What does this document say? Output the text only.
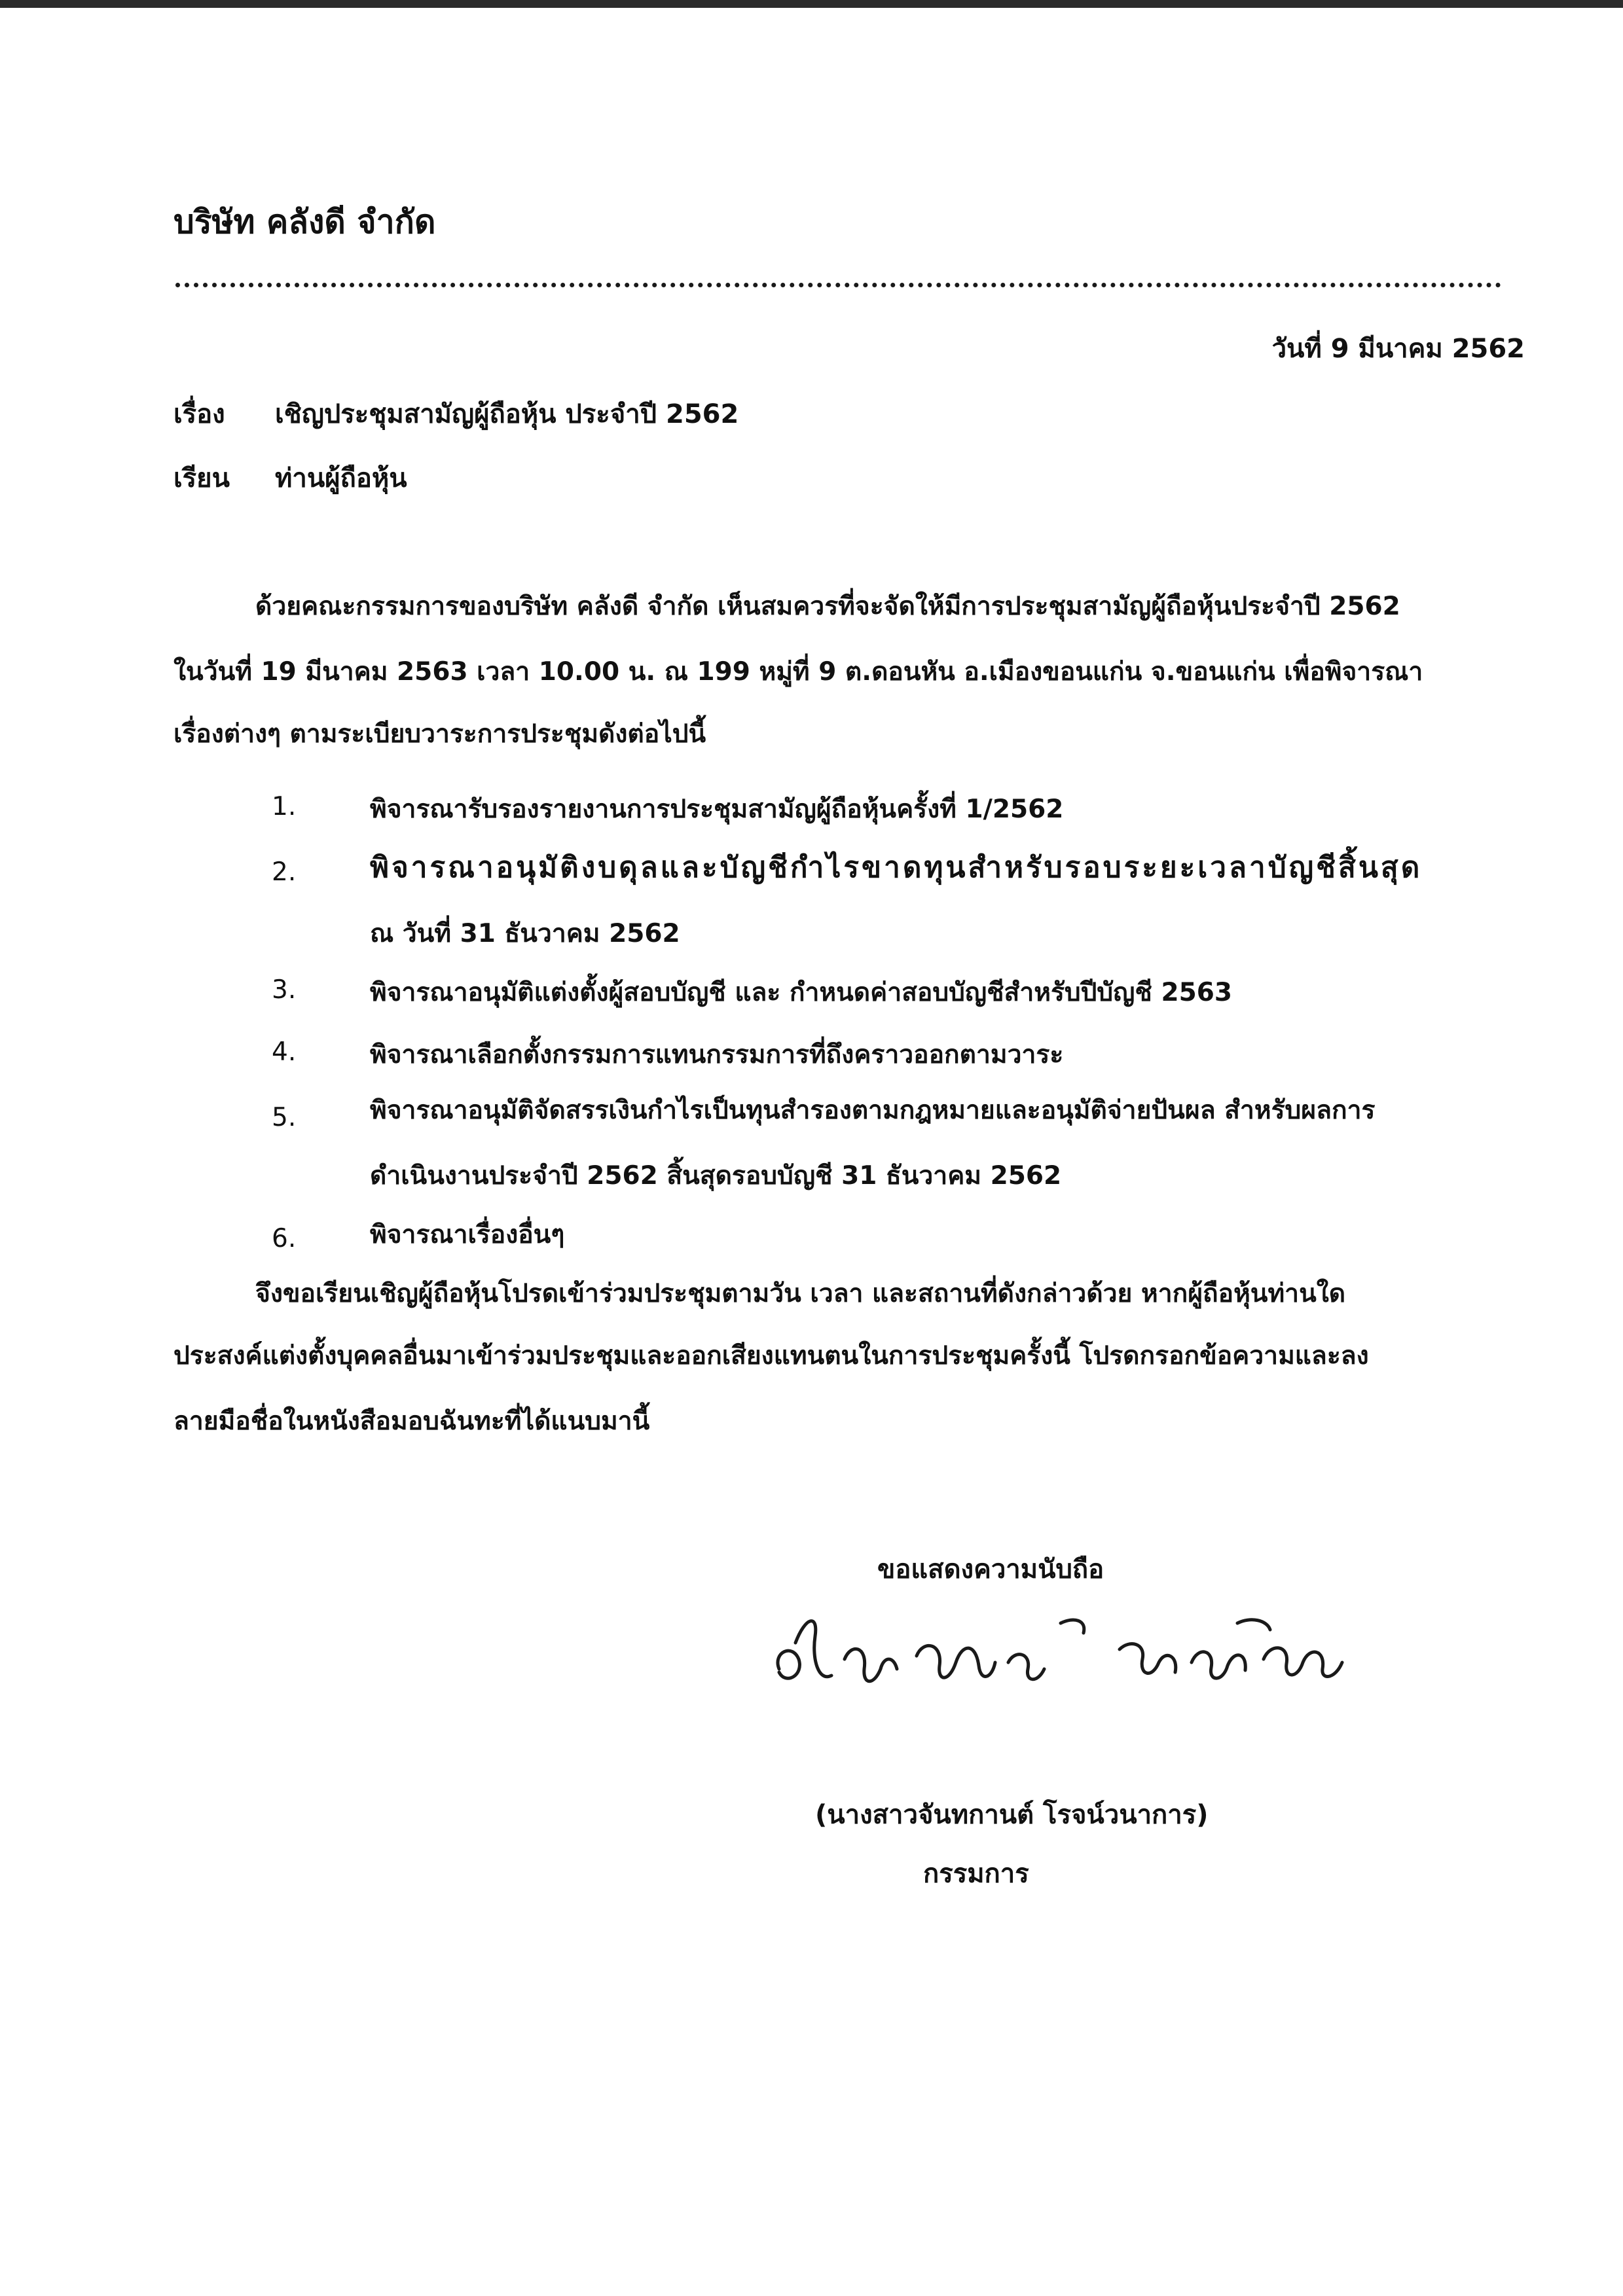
บริษัท คลังดี จำกัด
วันที่ 9 มีนาคม 2562
เรื่อง เชิญประชุมสามัญผู้ถือหุ้น ประจำปี 2562
เรียน ท่านผู้ถือหุ้น
ด้วยคณะกรรมการของบริษัท คลังดี จำกัด เห็นสมควรที่จะจัดให้มีการประชุมสามัญผู้ถือหุ้นประจำปี 2562
ในวันที่ 19 มีนาคม 2563 เวลา 10.00 น. ณ 199 หมู่ที่ 9 ต.ดอนหัน อ.เมืองขอนแก่น จ.ขอนแก่น เพื่อพิจารณา
เรื่องต่างๆ ตามระเบียบวาระการประชุมดังต่อไปนี้
1.	พิจารณารับรองรายงานการประชุมสามัญผู้ถือหุ้นครั้งที่ 1/2562
2.	พิจารณาอนุมัติงบดุลและบัญชีกำไรขาดทุนสำหรับรอบระยะเวลาบัญชีสิ้นสุด
ณ วันที่ 31 ธันวาคม 2562
3.	พิจารณาอนุมัติแต่งตั้งผู้สอบบัญชี และ กำหนดค่าสอบบัญชีสำหรับปีบัญชี 2563
4.	พิจารณาเลือกตั้งกรรมการแทนกรรมการที่ถึงคราวออกตามวาระ
5.	พิจารณาอนุมัติจัดสรรเงินกำไรเป็นทุนสำรองตามกฎหมายและอนุมัติจ่ายปันผล สำหรับผลการ
ดำเนินงานประจำปี 2562 สิ้นสุดรอบบัญชี 31 ธันวาคม 2562
6.	พิจารณาเรื่องอื่นๆ
จึงขอเรียนเชิญผู้ถือหุ้นโปรดเข้าร่วมประชุมตามวัน เวลา และสถานที่ดังกล่าวด้วย หากผู้ถือหุ้นท่านใด
ประสงค์แต่งตั้งบุคคลอื่นมาเข้าร่วมประชุมและออกเสียงแทนตนในการประชุมครั้งนี้ โปรดกรอกข้อความและลง
ลายมือชื่อในหนังสือมอบฉันทะที่ได้แนบมานี้
ขอแสดงความนับถือ
(นางสาวจันทกานต์ โรจน์วนาการ)
กรรมการ
